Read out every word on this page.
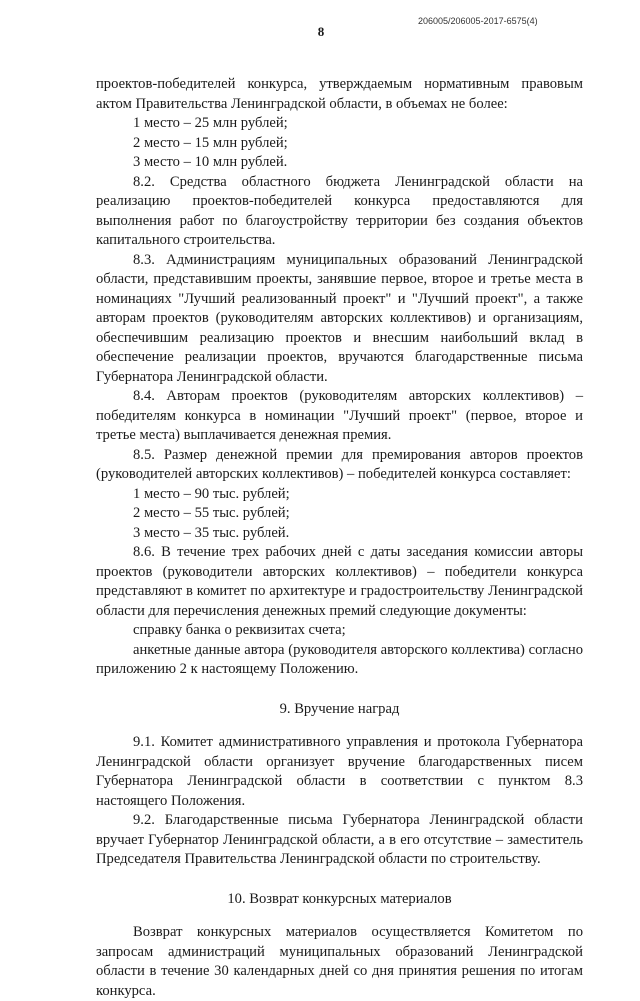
206005/206005-2017-6575(4)
8

проектов-победителей конкурса, утверждаемым нормативным правовым актом Правительства Ленинградской области, в объемах не более:

1 место – 25 млн рублей;

2 место – 15 млн рублей;

3 место – 10 млн рублей.

8.2. Средства областного бюджета Ленинградской области на реализацию проектов-победителей конкурса предоставляются для выполнения работ по благоустройству территории без создания объектов капитального строительства.

8.3. Администрациям муниципальных образований Ленинградской области, представившим проекты, занявшие первое, второе и третье места в номинациях "Лучший реализованный проект" и "Лучший проект", а также авторам проектов (руководителям авторских коллективов) и организациям, обеспечившим реализацию проектов и внесшим наибольший вклад в обеспечение реализации проектов, вручаются благодарственные письма Губернатора Ленинградской области.

8.4. Авторам проектов (руководителям авторских коллективов) – победителям конкурса в номинации "Лучший проект" (первое, второе и третье места) выплачивается денежная премия.

8.5. Размер денежной премии для премирования авторов проектов (руководителей авторских коллективов) – победителей конкурса составляет:

1 место – 90 тыс. рублей;

2 место – 55 тыс. рублей;

3 место – 35 тыс. рублей.

8.6. В течение трех рабочих дней с даты заседания комиссии авторы проектов (руководители авторских коллективов) – победители конкурса представляют в комитет по архитектуре и градостроительству Ленинградской области для перечисления денежных премий следующие документы:

справку банка о реквизитах счета;

анкетные данные автора (руководителя авторского коллектива) согласно приложению 2 к настоящему Положению.

9. Вручение наград

9.1. Комитет административного управления и протокола Губернатора Ленинградской области организует вручение благодарственных писем Губернатора Ленинградской области в соответствии с пунктом 8.3 настоящего Положения.

9.2. Благодарственные письма Губернатора Ленинградской области вручает Губернатор Ленинградской области, а в его отсутствие – заместитель Председателя Правительства Ленинградской области по строительству.

10. Возврат конкурсных материалов

Возврат конкурсных материалов осуществляется Комитетом по запросам администраций муниципальных образований Ленинградской области в течение 30 календарных дней со дня принятия решения по итогам конкурса.
